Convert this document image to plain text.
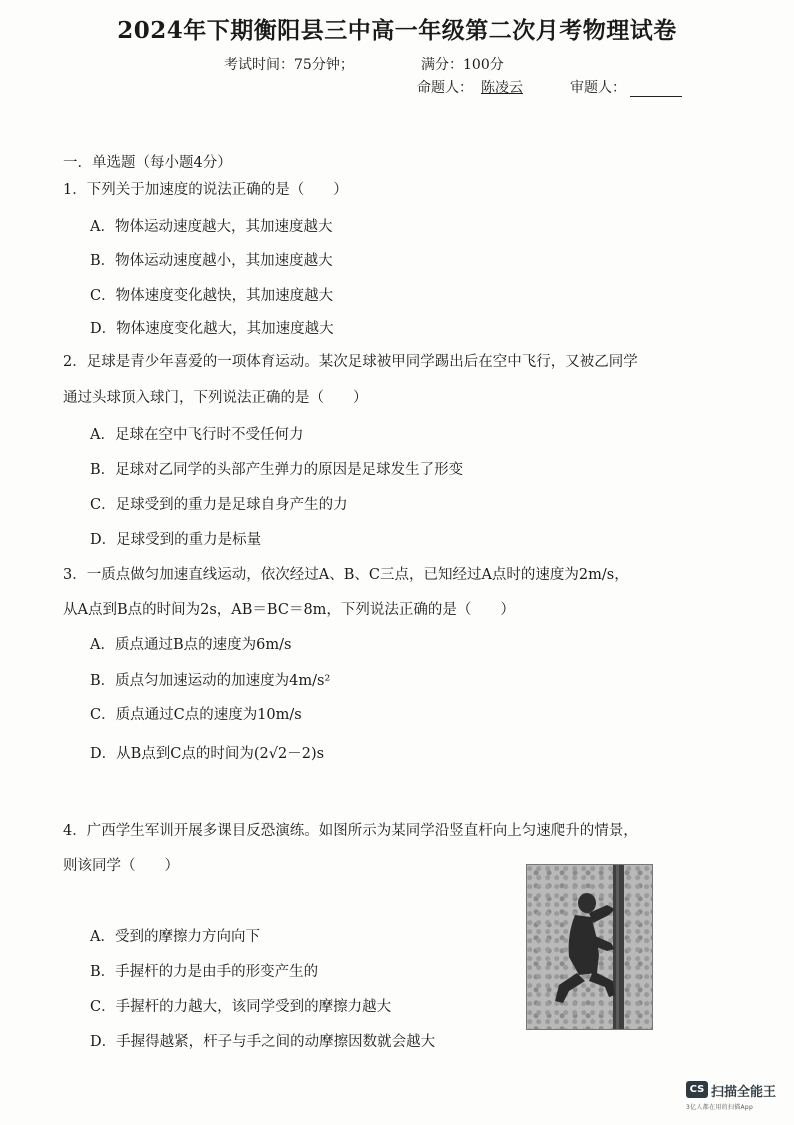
2024年下期衡阳县三中高一年级第二次月考物理试卷
考试时间：75分钟；	满分：100分
命题人： 陈凌云	审题人：
一．单选题（每小题4分）
1．下列关于加速度的说法正确的是（　　）
A．物体运动速度越大，其加速度越大
B．物体运动速度越小，其加速度越大
C．物体速度变化越快，其加速度越大
D．物体速度变化越大，其加速度越大
2．足球是青少年喜爱的一项体育运动。某次足球被甲同学踢出后在空中飞行，又被乙同学
通过头球顶入球门，下列说法正确的是（　　）
A．足球在空中飞行时不受任何力
B．足球对乙同学的头部产生弹力的原因是足球发生了形变
C．足球受到的重力是足球自身产生的力
D．足球受到的重力是标量
3．一质点做匀加速直线运动，依次经过A、B、C三点，已知经过A点时的速度为2m/s，
从A点到B点的时间为2s，AB＝BC＝8m，下列说法正确的是（　　）
A．质点通过B点的速度为6m/s
B．质点匀加速运动的加速度为4m/s²
C．质点通过C点的速度为10m/s
D．从B点到C点的时间为(2√2－2)s
4．广西学生军训开展多课目反恐演练。如图所示为某同学沿竖直杆向上匀速爬升的情景，
则该同学（　　）
A．受到的摩擦力方向向下
B．手握杆的力是由手的形变产生的
C．手握杆的力越大，该同学受到的摩擦力越大
D．手握得越紧，杆子与手之间的动摩擦因数就会越大
CS 扫描全能王
3亿人都在用的扫描App
